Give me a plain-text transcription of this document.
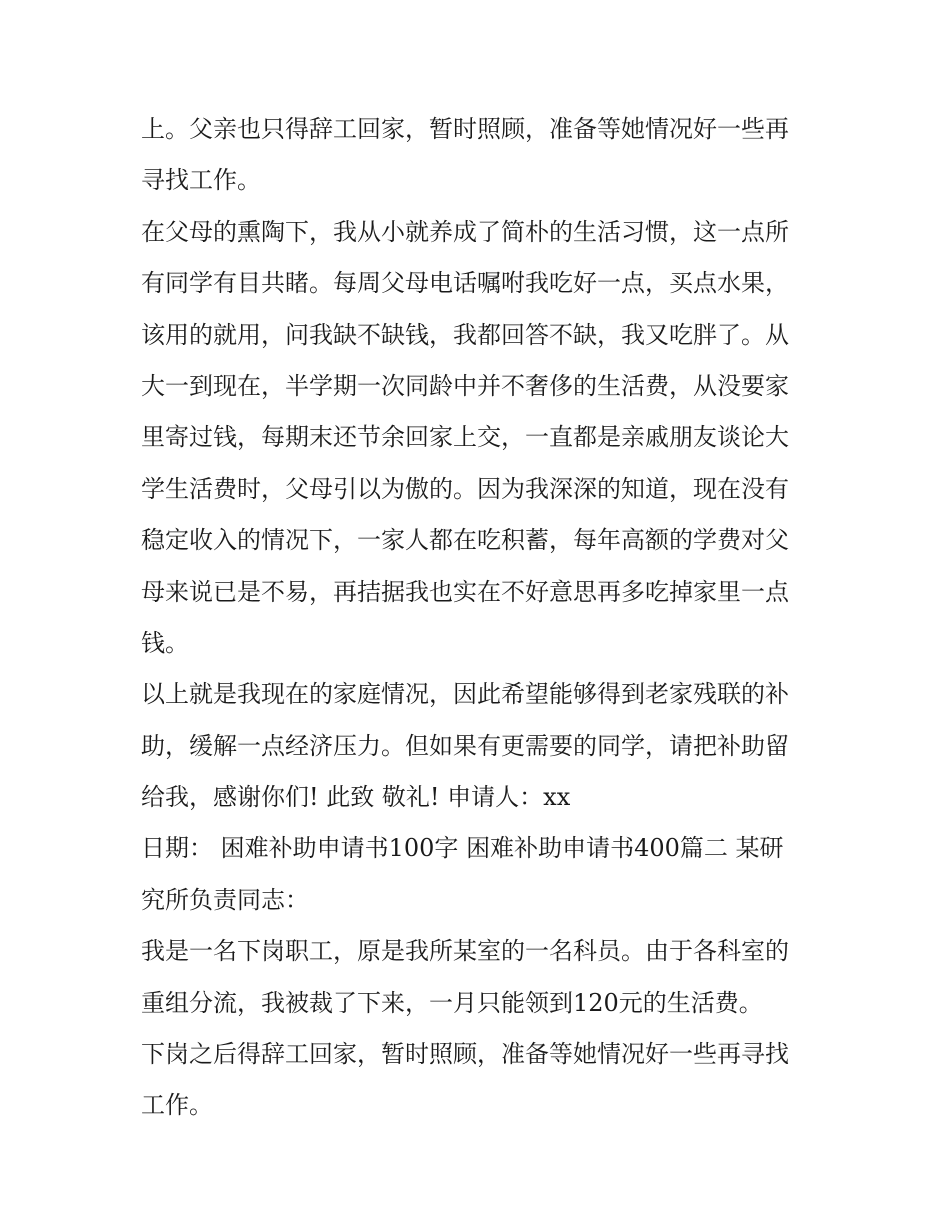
上。父亲也只得辞工回家，暂时照顾，准备等她情况好一些再
寻找工作。
在父母的熏陶下，我从小就养成了简朴的生活习惯，这一点所
有同学有目共睹。每周父母电话嘱咐我吃好一点，买点水果，
该用的就用，问我缺不缺钱，我都回答不缺，我又吃胖了。从
大一到现在，半学期一次同龄中并不奢侈的生活费，从没要家
里寄过钱，每期末还节余回家上交，一直都是亲戚朋友谈论大
学生活费时，父母引以为傲的。因为我深深的知道，现在没有
稳定收入的情况下，一家人都在吃积蓄，每年高额的学费对父
母来说已是不易，再拮据我也实在不好意思再多吃掉家里一点
钱。
以上就是我现在的家庭情况，因此希望能够得到老家残联的补
助，缓解一点经济压力。但如果有更需要的同学，请把补助留
给我，感谢你们! 此致 敬礼! 申请人：xx
日期： 困难补助申请书100字 困难补助申请书400篇二 某研
究所负责同志：
我是一名下岗职工，原是我所某室的一名科员。由于各科室的
重组分流，我被裁了下来，一月只能领到120元的生活费。
下岗之后得辞工回家，暂时照顾，准备等她情况好一些再寻找
工作。
